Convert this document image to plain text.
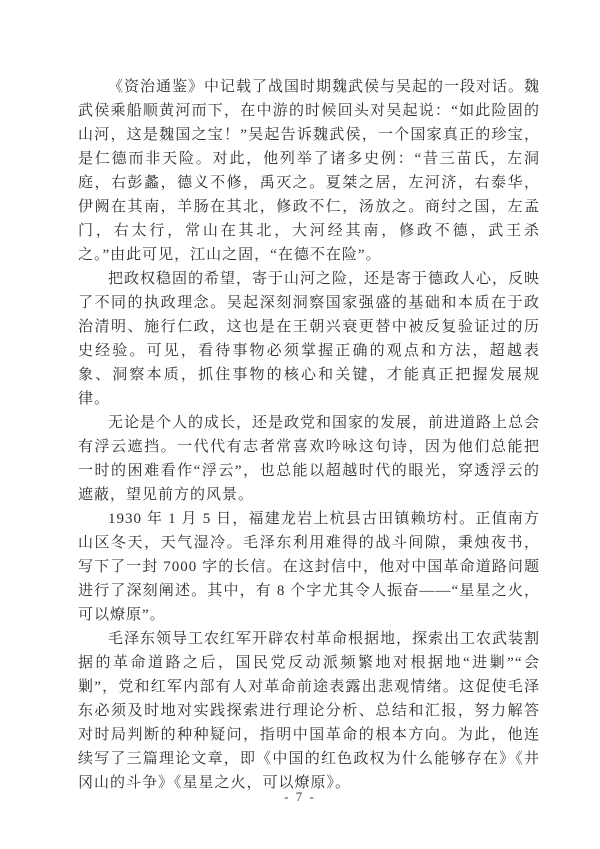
《资治通鉴》中记载了战国时期魏武侯与吴起的一段对话。魏武侯乘船顺黄河而下，在中游的时候回头对吴起说：“如此险固的山河，这是魏国之宝！”吴起告诉魏武侯，一个国家真正的珍宝，是仁德而非天险。对此，他列举了诸多史例：“昔三苗氏，左洞庭，右彭蠡，德义不修，禹灭之。夏桀之居，左河济，右泰华，伊阙在其南，羊肠在其北，修政不仁，汤放之。商纣之国，左孟门，右太行，常山在其北，大河经其南，修政不德，武王杀之。”由此可见，江山之固，“在德不在险”。

把政权稳固的希望，寄于山河之险，还是寄于德政人心，反映了不同的执政理念。吴起深刻洞察国家强盛的基础和本质在于政治清明、施行仁政，这也是在王朝兴衰更替中被反复验证过的历史经验。可见，看待事物必须掌握正确的观点和方法，超越表象、洞察本质，抓住事物的核心和关键，才能真正把握发展规律。

无论是个人的成长，还是政党和国家的发展，前进道路上总会有浮云遮挡。一代代有志者常喜欢吟咏这句诗，因为他们总能把一时的困难看作“浮云”，也总能以超越时代的眼光，穿透浮云的遮蔽，望见前方的风景。

1930 年 1 月 5 日，福建龙岩上杭县古田镇赖坊村。正值南方山区冬天，天气湿冷。毛泽东利用难得的战斗间隙，秉烛夜书，写下了一封 7000 字的长信。在这封信中，他对中国革命道路问题进行了深刻阐述。其中，有 8 个字尤其令人振奋——“星星之火，可以燎原”。

毛泽东领导工农红军开辟农村革命根据地，探索出工农武装割据的革命道路之后，国民党反动派频繁地对根据地“进剿”“会剿”，党和红军内部有人对革命前途表露出悲观情绪。这促使毛泽东必须及时地对实践探索进行理论分析、总结和汇报，努力解答对时局判断的种种疑问，指明中国革命的根本方向。为此，他连续写了三篇理论文章，即《中国的红色政权为什么能够存在》《井冈山的斗争》《星星之火，可以燎原》。

- 7 -
